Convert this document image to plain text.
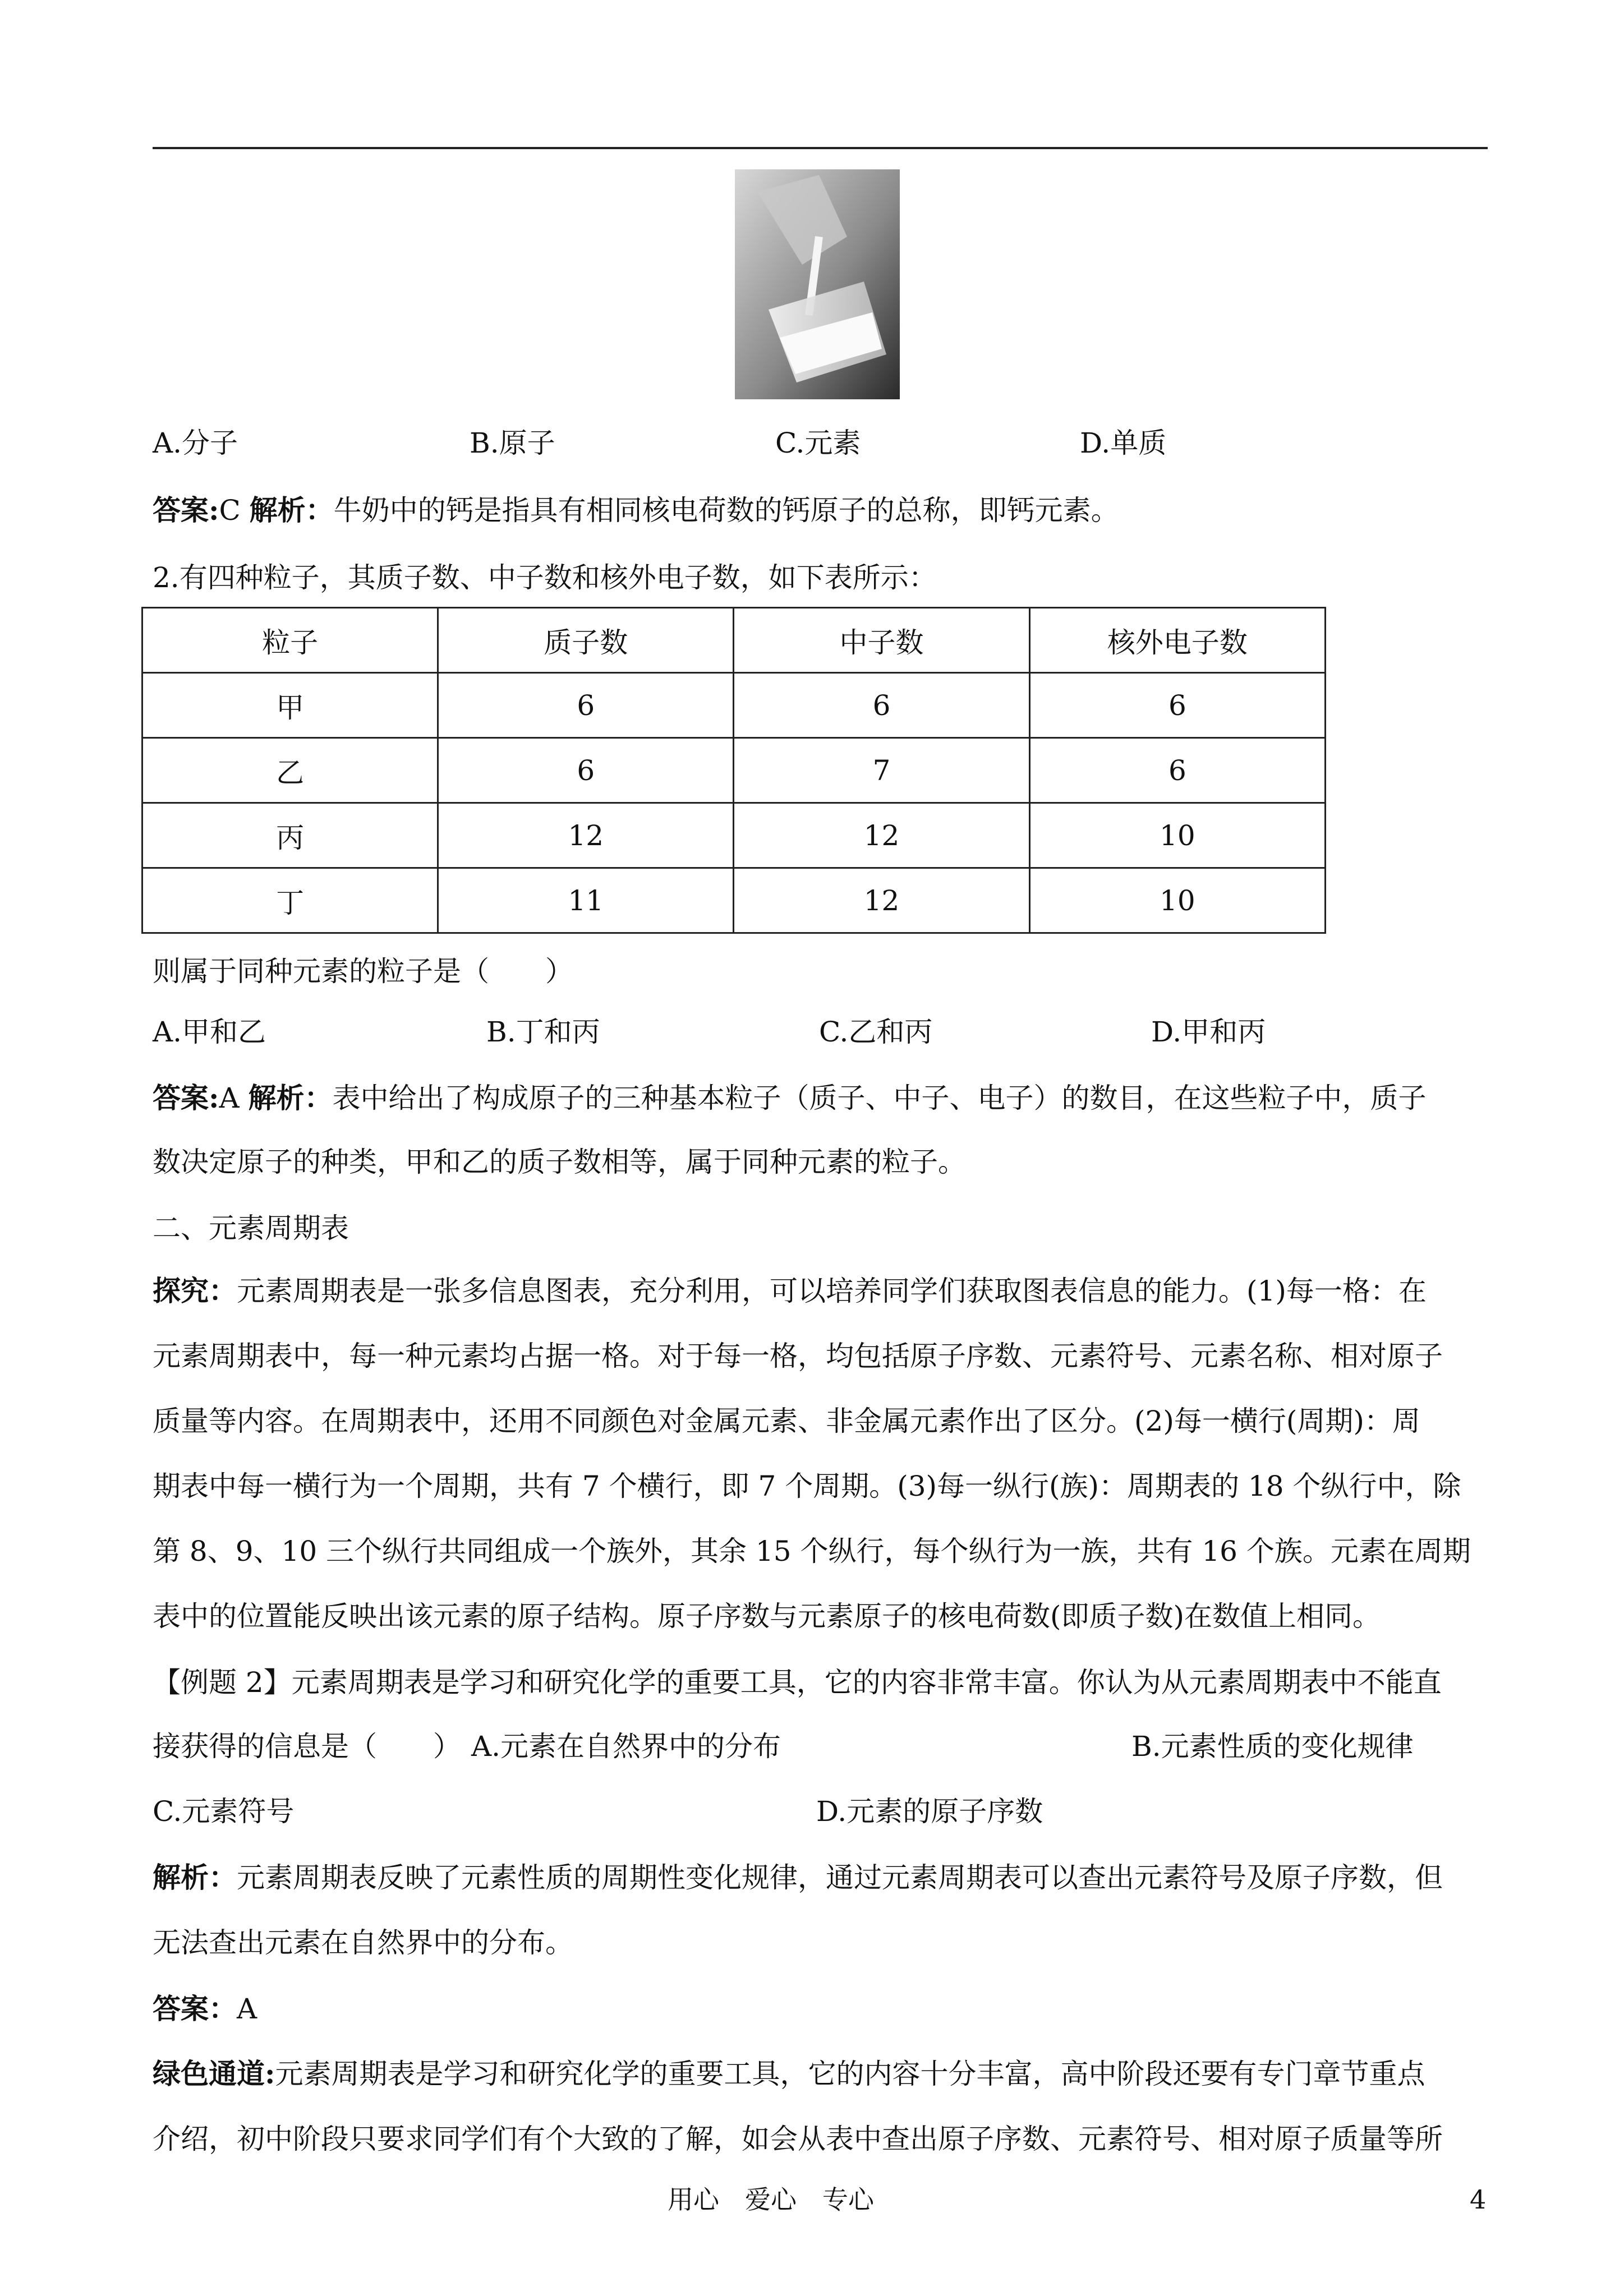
A.分子	B.原子	C.元素	D.单质
答案:C 解析：牛奶中的钙是指具有相同核电荷数的钙原子的总称，即钙元素。
2.有四种粒子，其质子数、中子数和核外电子数，如下表所示：
粒子	质子数	中子数	核外电子数
甲	6	6	6
乙	6	7	6
丙	12	12	10
丁	11	12	10
则属于同种元素的粒子是（　　）
A.甲和乙	B.丁和丙	C.乙和丙	D.甲和丙
答案:A 解析：表中给出了构成原子的三种基本粒子（质子、中子、电子）的数目，在这些粒子中，质子
数决定原子的种类，甲和乙的质子数相等，属于同种元素的粒子。
二、元素周期表
探究：元素周期表是一张多信息图表，充分利用，可以培养同学们获取图表信息的能力。(1)每一格：在
元素周期表中，每一种元素均占据一格。对于每一格，均包括原子序数、元素符号、元素名称、相对原子
质量等内容。在周期表中，还用不同颜色对金属元素、非金属元素作出了区分。(2)每一横行(周期)：周
期表中每一横行为一个周期，共有 7 个横行，即 7 个周期。(3)每一纵行(族)：周期表的 18 个纵行中，除
第 8、9、10 三个纵行共同组成一个族外，其余 15 个纵行，每个纵行为一族，共有 16 个族。元素在周期
表中的位置能反映出该元素的原子结构。原子序数与元素原子的核电荷数(即质子数)在数值上相同。
【例题 2】元素周期表是学习和研究化学的重要工具，它的内容非常丰富。你认为从元素周期表中不能直
接获得的信息是（　　） A.元素在自然界中的分布	B.元素性质的变化规律
C.元素符号	D.元素的原子序数
解析：元素周期表反映了元素性质的周期性变化规律，通过元素周期表可以查出元素符号及原子序数，但
无法查出元素在自然界中的分布。
答案：A
绿色通道:元素周期表是学习和研究化学的重要工具，它的内容十分丰富，高中阶段还要有专门章节重点
介绍，初中阶段只要求同学们有个大致的了解，如会从表中查出原子序数、元素符号、相对原子质量等所
用心　爱心　专心	4
